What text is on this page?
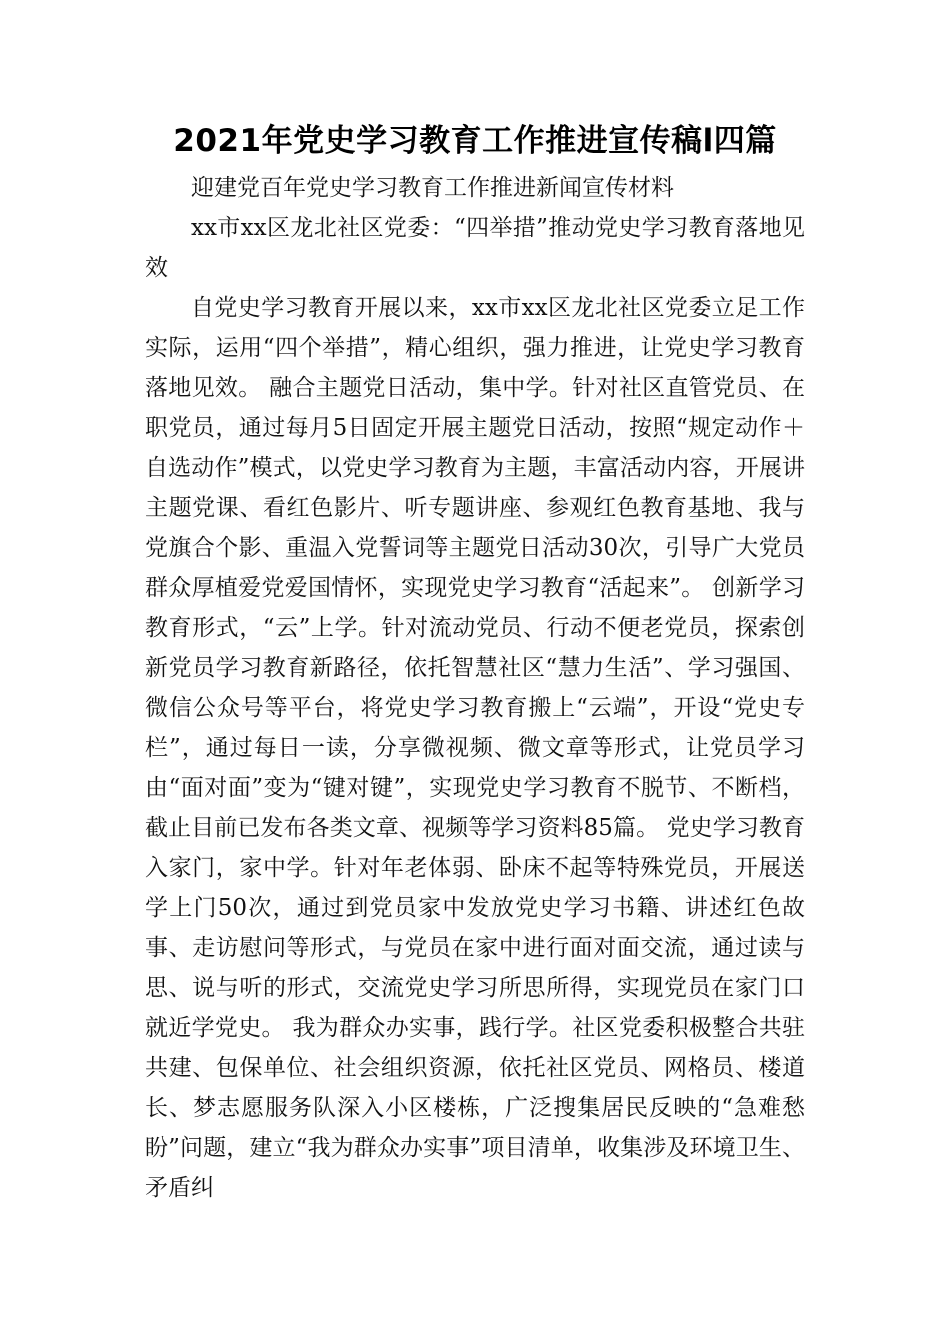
2021年党史学习教育工作推进宣传稿l四篇

迎建党百年党史学习教育工作推进新闻宣传材料

xx市xx区龙北社区党委：“四举措”推动党史学习教育落地见效

自党史学习教育开展以来，xx市xx区龙北社区党委立足工作实际，运用“四个举措”，精心组织，强力推进，让党史学习教育落地见效。 融合主题党日活动，集中学。针对社区直管党员、在职党员，通过每月5日固定开展主题党日活动，按照“规定动作＋自选动作”模式，以党史学习教育为主题，丰富活动内容，开展讲主题党课、看红色影片、听专题讲座、参观红色教育基地、我与党旗合个影、重温入党誓词等主题党日活动30次，引导广大党员群众厚植爱党爱国情怀，实现党史学习教育“活起来”。 创新学习教育形式，“云”上学。针对流动党员、行动不便老党员，探索创新党员学习教育新路径，依托智慧社区“慧力生活”、学习强国、微信公众号等平台，将党史学习教育搬上“云端”，开设“党史专栏”，通过每日一读，分享微视频、微文章等形式，让党员学习由“面对面”变为“键对键”，实现党史学习教育不脱节、不断档，截止目前已发布各类文章、视频等学习资料85篇。 党史学习教育入家门，家中学。针对年老体弱、卧床不起等特殊党员，开展送学上门50次，通过到党员家中发放党史学习书籍、讲述红色故事、走访慰问等形式，与党员在家中进行面对面交流，通过读与思、说与听的形式，交流党史学习所思所得，实现党员在家门口就近学党史。 我为群众办实事，践行学。社区党委积极整合共驻共建、包保单位、社会组织资源，依托社区党员、网格员、楼道长、梦志愿服务队深入小区楼栋，广泛搜集居民反映的“急难愁盼”问题，建立“我为群众办实事”项目清单，收集涉及环境卫生、矛盾纠
